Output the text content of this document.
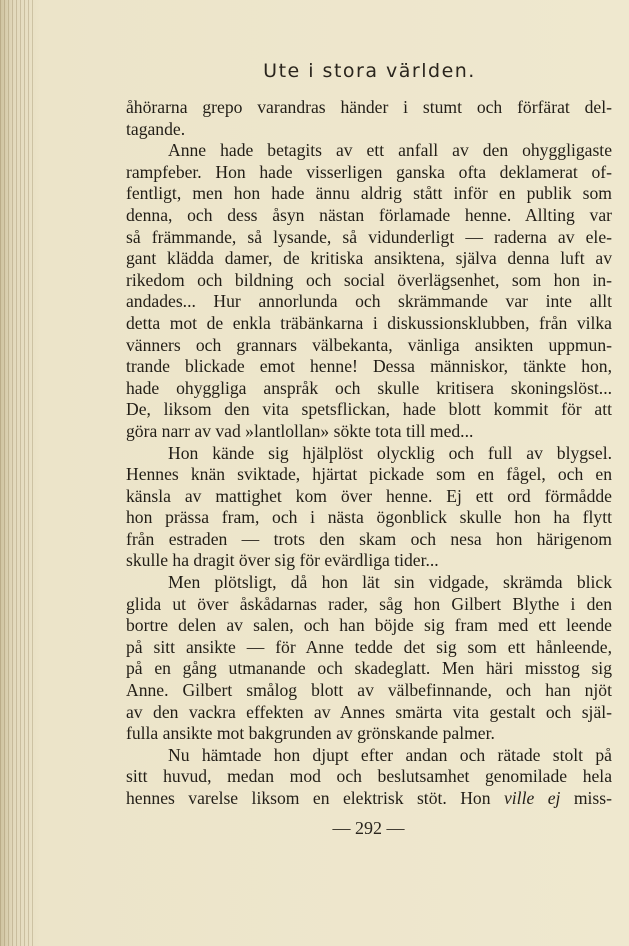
Ute i stora världen.
åhörarna grepo varandras händer i stumt och förfärat del-
tagande.
Anne hade betagits av ett anfall av den ohyggligaste
rampfeber. Hon hade visserligen ganska ofta deklamerat of-
fentligt, men hon hade ännu aldrig stått inför en publik som
denna, och dess åsyn nästan förlamade henne. Allting var
så främmande, så lysande, så vidunderligt — raderna av ele-
gant klädda damer, de kritiska ansiktena, själva denna luft av
rikedom och bildning och social överlägsenhet, som hon in-
andades... Hur annorlunda och skrämmande var inte allt
detta mot de enkla träbänkarna i diskussionsklubben, från vilka
vänners och grannars välbekanta, vänliga ansikten uppmun-
trande blickade emot henne! Dessa människor, tänkte hon,
hade ohyggliga anspråk och skulle kritisera skoningslöst...
De, liksom den vita spetsflickan, hade blott kommit för att
göra narr av vad »lantlollan» sökte tota till med...
Hon kände sig hjälplöst olycklig och full av blygsel.
Hennes knän sviktade, hjärtat pickade som en fågel, och en
känsla av mattighet kom över henne. Ej ett ord förmådde
hon prässa fram, och i nästa ögonblick skulle hon ha flytt
från estraden — trots den skam och nesa hon härigenom
skulle ha dragit över sig för evärdliga tider...
Men plötsligt, då hon lät sin vidgade, skrämda blick
glida ut över åskådarnas rader, såg hon Gilbert Blythe i den
bortre delen av salen, och han böjde sig fram med ett leende
på sitt ansikte — för Anne tedde det sig som ett hånleende,
på en gång utmanande och skadeglatt. Men häri misstog sig
Anne. Gilbert smålog blott av välbefinnande, och han njöt
av den vackra effekten av Annes smärta vita gestalt och själ-
fulla ansikte mot bakgrunden av grönskande palmer.
Nu hämtade hon djupt efter andan och rätade stolt på
sitt huvud, medan mod och beslutsamhet genomilade hela
hennes varelse liksom en elektrisk stöt. Hon ville ej miss-
— 292 —
